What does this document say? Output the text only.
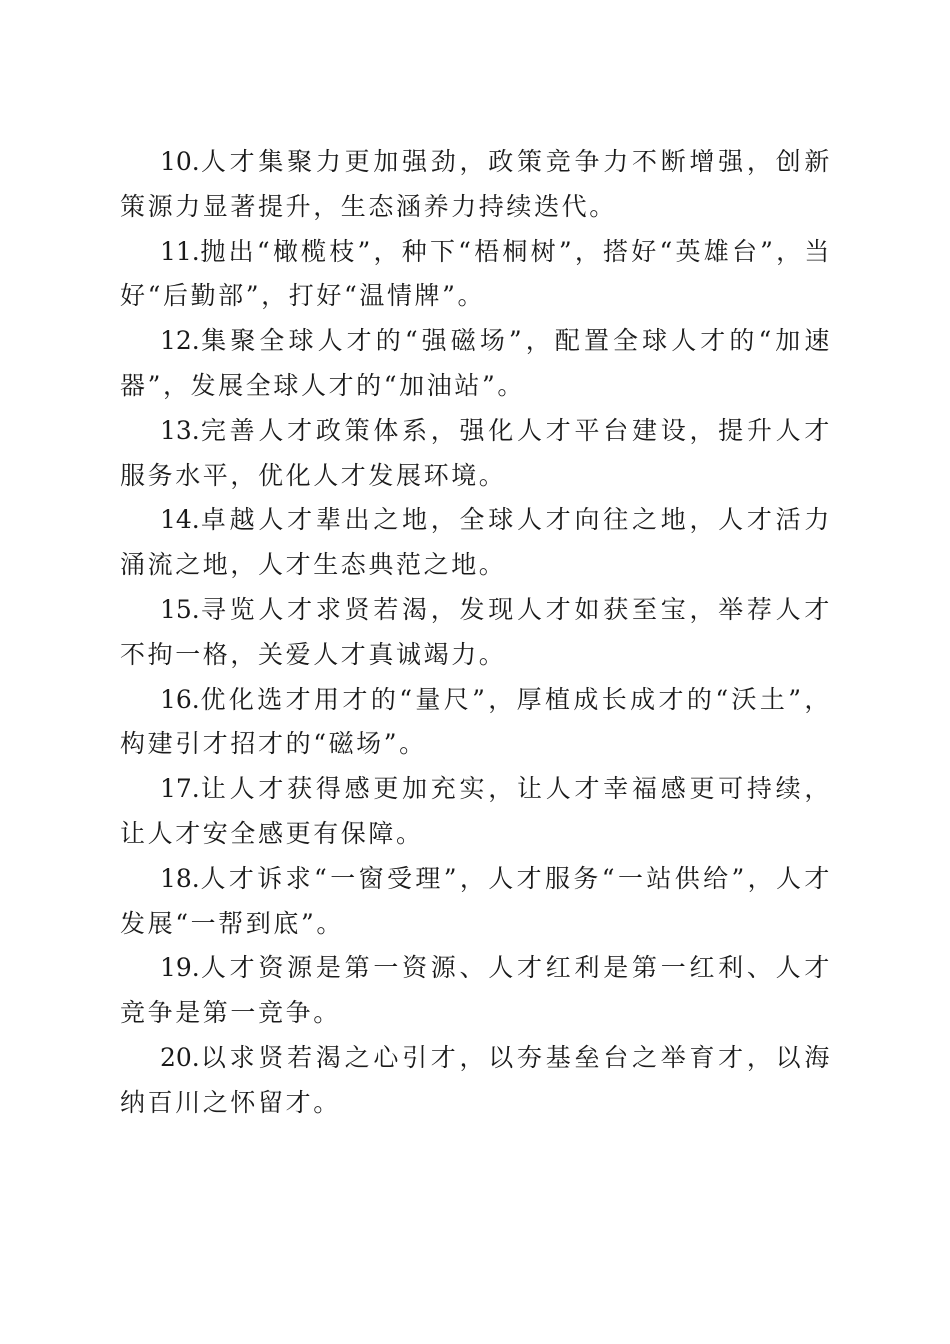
10.人才集聚力更加强劲，政策竞争力不断增强，创新策源力显著提升，生态涵养力持续迭代。

11.抛出“橄榄枝”，种下“梧桐树”，搭好“英雄台”，当好“后勤部”，打好“温情牌”。

12.集聚全球人才的“强磁场”，配置全球人才的“加速器”，发展全球人才的“加油站”。

13.完善人才政策体系，强化人才平台建设，提升人才服务水平，优化人才发展环境。

14.卓越人才辈出之地，全球人才向往之地，人才活力涌流之地，人才生态典范之地。

15.寻览人才求贤若渴，发现人才如获至宝，举荐人才不拘一格，关爱人才真诚竭力。

16.优化选才用才的“量尺”，厚植成长成才的“沃土”，构建引才招才的“磁场”。

17.让人才获得感更加充实，让人才幸福感更可持续，让人才安全感更有保障。

18.人才诉求“一窗受理”，人才服务“一站供给”，人才发展“一帮到底”。

19.人才资源是第一资源、人才红利是第一红利、人才竞争是第一竞争。

20.以求贤若渴之心引才，以夯基垒台之举育才，以海纳百川之怀留才。
